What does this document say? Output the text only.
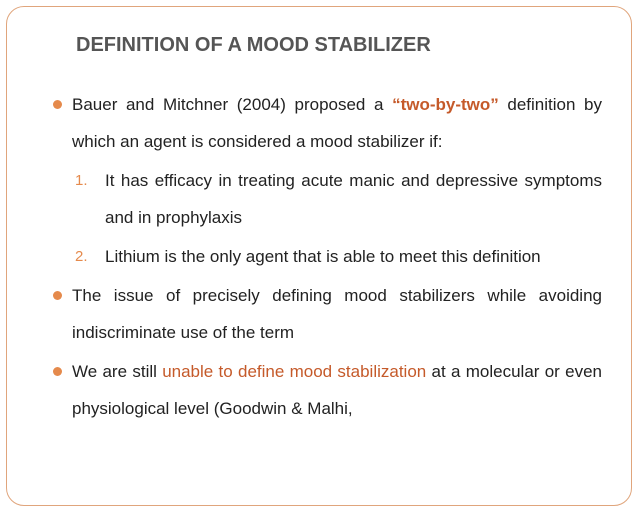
DEFINITION OF A MOOD STABILIZER
Bauer and Mitchner (2004) proposed a “two-by-two” definition by which an agent is considered a mood stabilizer if:
1. It has efficacy in treating acute manic and depressive symptoms and in prophylaxis
2. Lithium is the only agent that is able to meet this definition
The issue of precisely defining mood stabilizers while avoiding indiscriminate use of the term
We are still unable to define mood stabilization at a molecular or even physiological level (Goodwin & Malhi,
